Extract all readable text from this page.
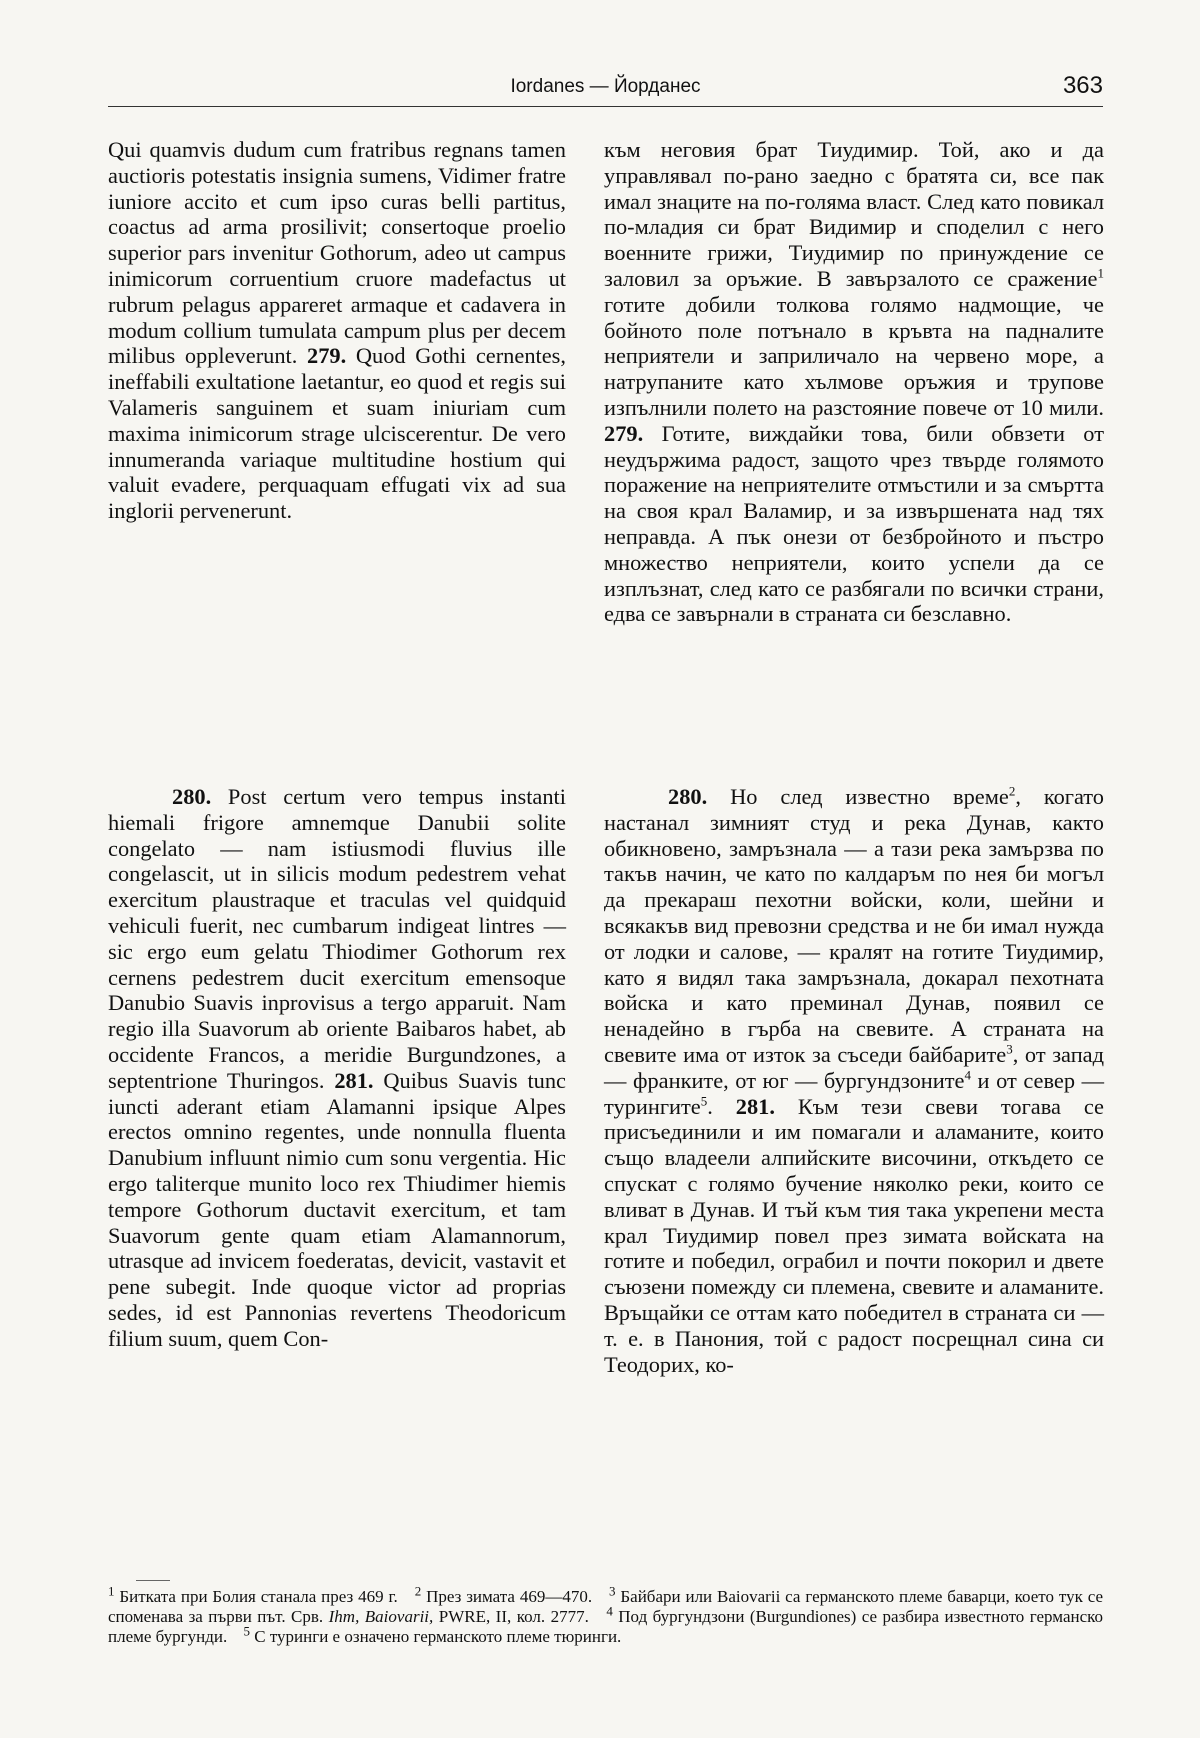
Iordanes — Йорданес	363

Qui quamvis dudum cum fratribus regnans tamen auctioris potestatis insignia sumens, Vidimer fratre iuniore accito et cum ipso curas belli partitus, coactus ad arma prosilivit; consertoque proelio superior pars invenitur Gothorum, adeo ut campus inimicorum corruentium cruore madefactus ut rubrum pelagus appareret armaque et cadavera in modum collium tumulata campum plus per decem milibus oppleverunt. 279. Quod Gothi cernentes, ineffabili exultatione laetantur, eo quod et regis sui Valameris sanguinem et suam iniuriam cum maxima inimicorum strage ulciscerentur. De vero innumeranda variaque multitudine hostium qui valuit evadere, perquaquam effugati vix ad sua inglorii pervenerunt.

280. Post certum vero tempus instanti hiemali frigore amnemque Danubii solite congelato — nam istiusmodi fluvius ille congelascit, ut in silicis modum pedestrem vehat exercitum plaustraque et traculas vel quidquid vehiculi fuerit, nec cumbarum indigeat lintres — sic ergo eum gelatu Thiodimer Gothorum rex cernens pedestrem ducit exercitum emensoque Danubio Suavis inprovisus a tergo apparuit. Nam regio illa Suavorum ab oriente Baibaros habet, ab occidente Francos, a meridie Burgundzones, a septentrione Thuringos. 281. Quibus Suavis tunc iuncti aderant etiam Alamanni ipsique Alpes erectos omnino regentes, unde nonnulla fluenta Danubium influunt nimio cum sonu vergentia. Hic ergo taliterque munito loco rex Thiudimer hiemis tempore Gothorum ductavit exercitum, et tam Suavorum gente quam etiam Alamannorum, utrasque ad invicem foederatas, devicit, vastavit et pene subegit. Inde quoque victor ad proprias sedes, id est Pannonias revertens Theodoricum filium suum, quem Con-

към неговия брат Тиудимир. Той, ако и да управлявал по-рано заедно с братята си, все пак имал знаците на по-голяма власт. След като повикал по-младия си брат Видимир и споделил с него военните грижи, Тиудимир по принуждение се заловил за оръжие. В завързалото се сражение$^1$ готите добили толкова голямо надмощие, че бойното поле потънало в кръвта на падналите неприятели и заприличало на червено море, а натрупаните като хълмове оръжия и трупове изпълнили полето на разстояние повече от 10 мили. 279. Готите, виждайки това, били обвзети от неудържима радост, защото чрез твърде голямото поражение на неприятелите отмъстили и за смъртта на своя крал Валамир, и за извършената над тях неправда. А пък онези от безбройното и пъстро множество неприятели, които успели да се изплъзнат, след като се разбягали по всички страни, едва се завърнали в страната си безславно.

280. Но след известно време$^2$, когато настанал зимният студ и река Дунав, както обикновено, замръзнала — а тази река замързва по такъв начин, че като по калдаръм по нея би могъл да прекараш пехотни войски, коли, шейни и всякакъв вид превозни средства и не би имал нужда от лодки и салове, — кралят на готите Тиудимир, като я видял така замръзнала, докарал пехотната войска и като преминал Дунав, появил се ненадейно в гърба на свевите. А страната на свевите има от изток за съседи байбарите$^3$, от запад — франките, от юг — бургундзоните$^4$ и от север — турингите$^5$. 281. Към тези свеви тогава се присъединили и им помагали и аламаните, които също владеели алпийските височини, откъдето се спускат с голямо бучение няколко реки, които се вливат в Дунав. И тъй към тия така укрепени места крал Тиудимир повел през зимата войската на готите и победил, ограбил и почти покорил и двете съюзени помежду си племена, свевите и аламаните. Връщайки се оттам като победител в страната си — т. е. в Панония, той с радост посрещнал сина си Теодорих, ко-

$^1$ Битката при Болия станала през 469 г. $^2$ През зимата 469—470. $^3$ Байбари или Baiovarii са германското племе баварци, което тук се споменава за първи път. Срв. Ihm, Baiovarii, PWRE, II, кол. 2777. $^4$ Под бургундзони (Burgundiones) се разбира известното германско племе бургунди. $^5$ С туринги е означено германското племе тюринги.
